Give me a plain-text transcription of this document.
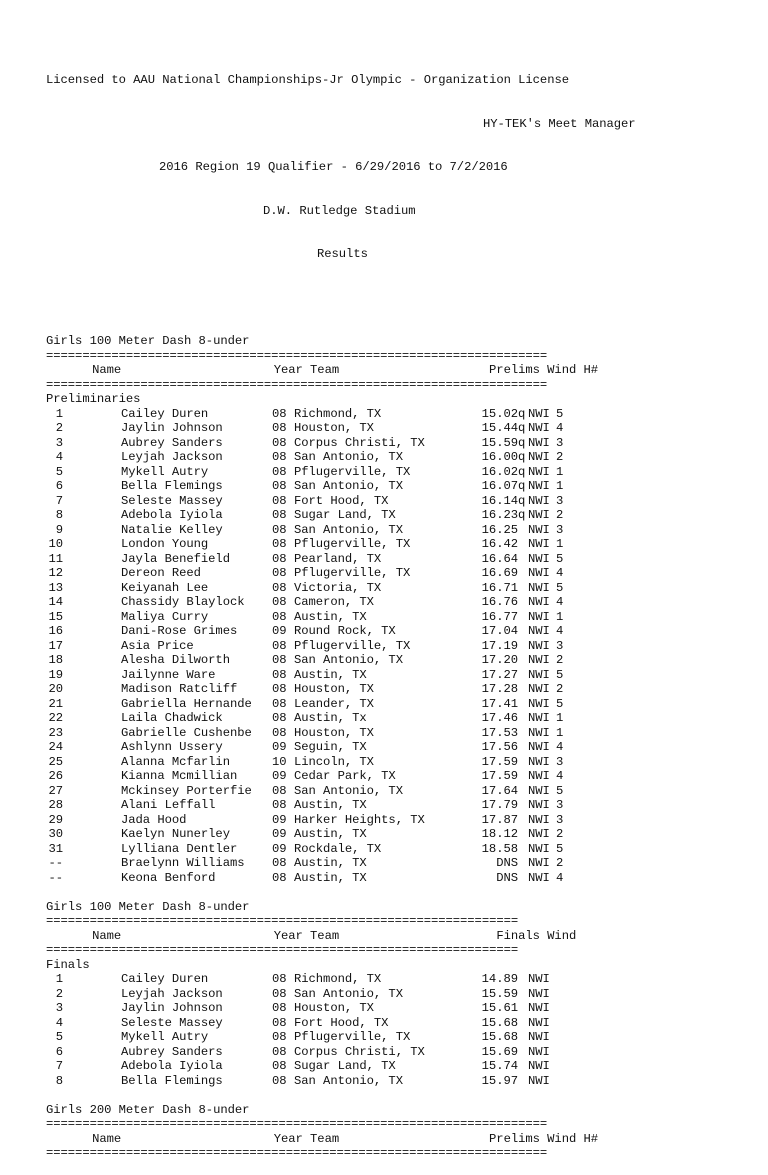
Licensed to AAU National Championships-Jr Olympic - Organization License

HY-TEK's Meet Manager

2016 Region 19 Qualifier - 6/29/2016 to 7/2/2016

D.W. Rutledge Stadium

Results

Girls 100 Meter Dash 8-under
=====================================================================
Name	Year Team	Prelims Wind H#
=====================================================================
Preliminaries
1	Cailey Duren	08 Richmond, TX	15.02q NWI 5
2	Jaylin Johnson	08 Houston, TX	15.44q NWI 4
3	Aubrey Sanders	08 Corpus Christi, TX	15.59q NWI 3
4	Leyjah Jackson	08 San Antonio, TX	16.00q NWI 2
5	Mykell Autry	08 Pflugerville, TX	16.02q NWI 1
6	Bella Flemings	08 San Antonio, TX	16.07q NWI 1
7	Seleste Massey	08 Fort Hood, TX	16.14q NWI 3
8	Adebola Iyiola	08 Sugar Land, TX	16.23q NWI 2
9	Natalie Kelley	08 San Antonio, TX	16.25 NWI 3
10	London Young	08 Pflugerville, TX	16.42 NWI 1
11	Jayla Benefield	08 Pearland, TX	16.64 NWI 5
12	Dereon Reed	08 Pflugerville, TX	16.69 NWI 4
13	Keiyanah Lee	08 Victoria, TX	16.71 NWI 5
14	Chassidy Blaylock 08 Cameron, TX	16.76 NWI 4
15	Maliya Curry	08 Austin, TX	16.77 NWI 1
16	Dani-Rose Grimes	09 Round Rock, TX	17.04 NWI 4
17	Asia Price	08 Pflugerville, TX	17.19 NWI 3
18	Alesha Dilworth	08 San Antonio, TX	17.20 NWI 2
19	Jailynne Ware	08 Austin, TX	17.27 NWI 5
20	Madison Ratcliff	08 Houston, TX	17.28 NWI 2
21	Gabriella Hernande 08 Leander, TX	17.41 NWI 5
22	Laila Chadwick	08 Austin, Tx	17.46 NWI 1
23	Gabrielle Cushenbe 08 Houston, TX	17.53 NWI 1
24	Ashlynn Ussery	09 Seguin, TX	17.56 NWI 4
25	Alanna Mcfarlin	10 Lincoln, TX	17.59 NWI 3
26	Kianna Mcmillian	09 Cedar Park, TX	17.59 NWI 4
27	Mckinsey Porterfie 08 San Antonio, TX	17.64 NWI 5
28	Alani Leffall	08 Austin, TX	17.79 NWI 3
29	Jada Hood	09 Harker Heights, TX	17.87 NWI 3
30	Kaelyn Nunerley	09 Austin, TX	18.12 NWI 2
31	Lylliana Dentler	09 Rockdale, TX	18.58 NWI 5
--	Braelynn Williams 08 Austin, TX	DNS NWI 2
--	Keona Benford	08 Austin, TX	DNS NWI 4
Girls 100 Meter Dash 8-under
=================================================================
Name	Year Team	Finals Wind
=================================================================
Finals
1	Cailey Duren	08 Richmond, TX	14.89 NWI
2	Leyjah Jackson	08 San Antonio, TX	15.59 NWI
3	Jaylin Johnson	08 Houston, TX	15.61 NWI
4	Seleste Massey	08 Fort Hood, TX	15.68 NWI
5	Mykell Autry	08 Pflugerville, TX	15.68 NWI
6	Aubrey Sanders	08 Corpus Christi, TX	15.69 NWI
7	Adebola Iyiola	08 Sugar Land, TX	15.74 NWI
8	Bella Flemings	08 San Antonio, TX	15.97 NWI
Girls 200 Meter Dash 8-under
=====================================================================
Name	Year Team	Prelims Wind H#
=====================================================================
